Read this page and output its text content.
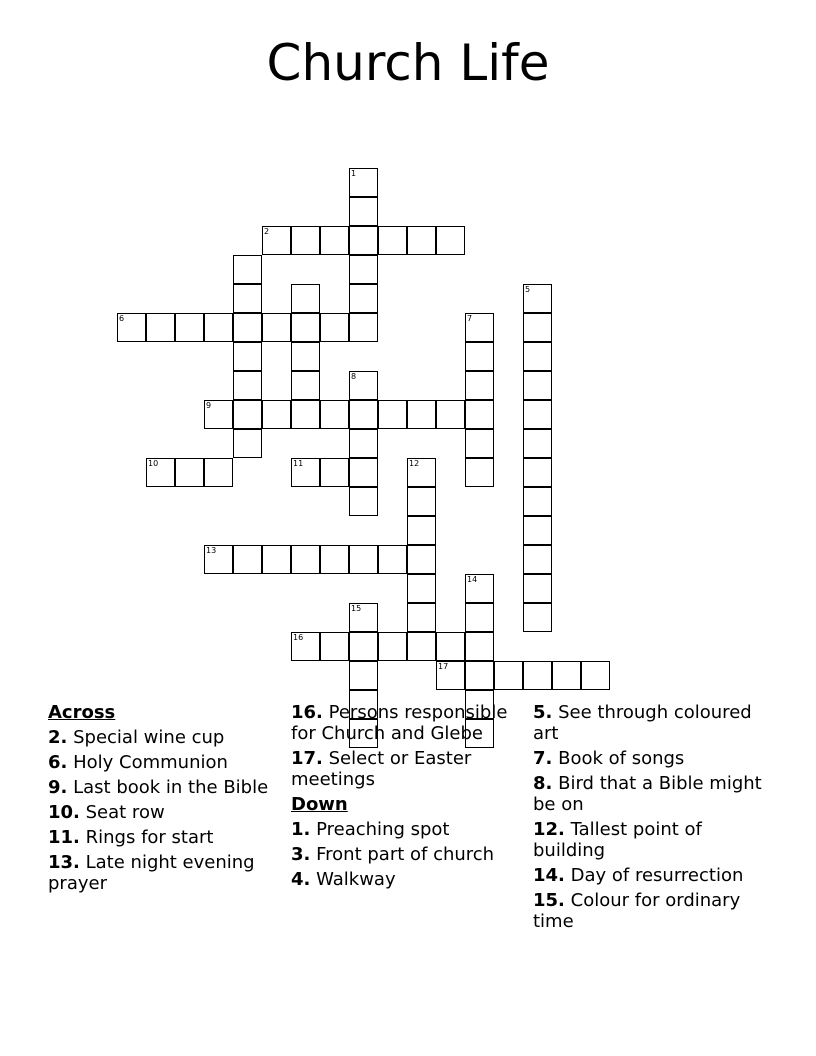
Church Life
1
2
5
6	7
8
9
10	11	12
13
14
15
16
17
Across
2. Special wine cup
6. Holy Communion
9. Last book in the Bible
10. Seat row
11. Rings for start
13. Late night evening prayer
16. Persons responsible for Church and Glebe
17. Select or Easter meetings
Down
1. Preaching spot
3. Front part of church
4. Walkway
5. See through coloured art
7. Book of songs
8. Bird that a Bible might be on
12. Tallest point of building
14. Day of resurrection
15. Colour for ordinary time
